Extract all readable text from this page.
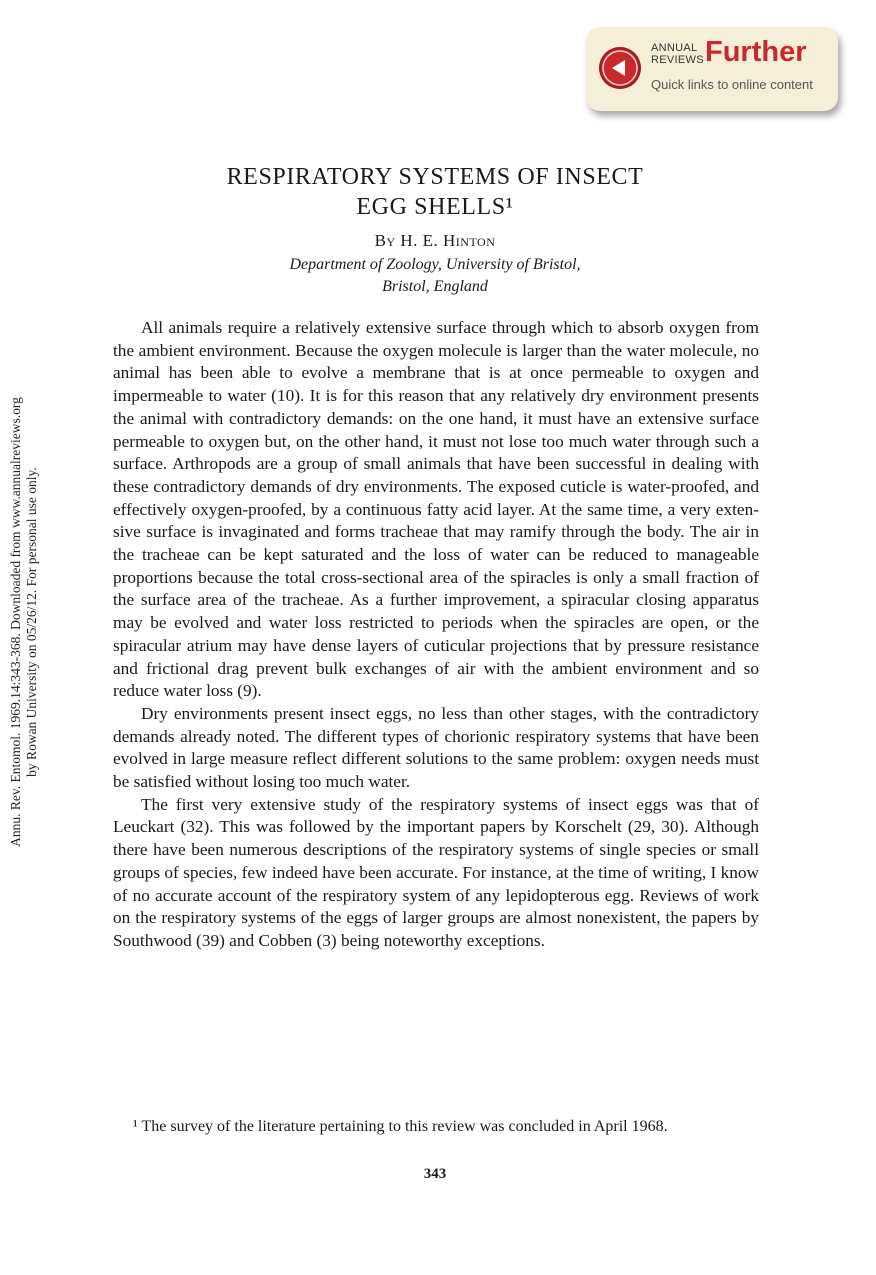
ANNUAL
REVIEWS Further
Quick links to online content
Annu. Rev. Entomol. 1969.14:343-368. Downloaded from www.annualreviews.org by Rowan University on 05/26/12. For personal use only.
RESPIRATORY SYSTEMS OF INSECT
EGG SHELLS¹
By H. E. Hinton
Department of Zoology, University of Bristol,
Bristol, England

All animals require a relatively extensive surface through which to absorb oxygen from the ambient environment. Because the oxygen molecule is larger than the water molecule, no animal has been able to evolve a membrane that is at once permeable to oxygen and impermeable to water (10). It is for this reason that any relatively dry environment presents the animal with contradictory demands: on the one hand, it must have an extensive surface permeable to oxygen but, on the other hand, it must not lose too much water through such a surface. Arthropods are a group of small animals that have been successful in dealing with these contradictory demands of dry environments. The exposed cuticle is water-proofed, and effectively oxygen-proofed, by a continuous fatty acid layer. At the same time, a very extensive surface is invaginated and forms tracheae that may ramify through the body. The air in the tracheae can be kept saturated and the loss of water can be reduced to manageable proportions because the total cross-sectional area of the spiracles is only a small fraction of the surface area of the tracheae. As a further improvement, a spiracular closing apparatus may be evolved and water loss restricted to periods when the spiracles are open, or the spiracular atrium may have dense layers of cuticular projections that by pressure resistance and frictional drag prevent bulk exchanges of air with the ambient environment and so reduce water loss (9).

Dry environments present insect eggs, no less than other stages, with the contradictory demands already noted. The different types of chorionic respiratory systems that have been evolved in large measure reflect different solutions to the same problem: oxygen needs must be satisfied without losing too much water.

The first very extensive study of the respiratory systems of insect eggs was that of Leuckart (32). This was followed by the important papers by Korschelt (29, 30). Although there have been numerous descriptions of the respiratory systems of single species or small groups of species, few indeed have been accurate. For instance, at the time of writing, I know of no accurate account of the respiratory system of any lepidopterous egg. Reviews of work on the respiratory systems of the eggs of larger groups are almost nonexistent, the papers by Southwood (39) and Cobben (3) being noteworthy exceptions.

¹ The survey of the literature pertaining to this review was concluded in April 1968.

343
